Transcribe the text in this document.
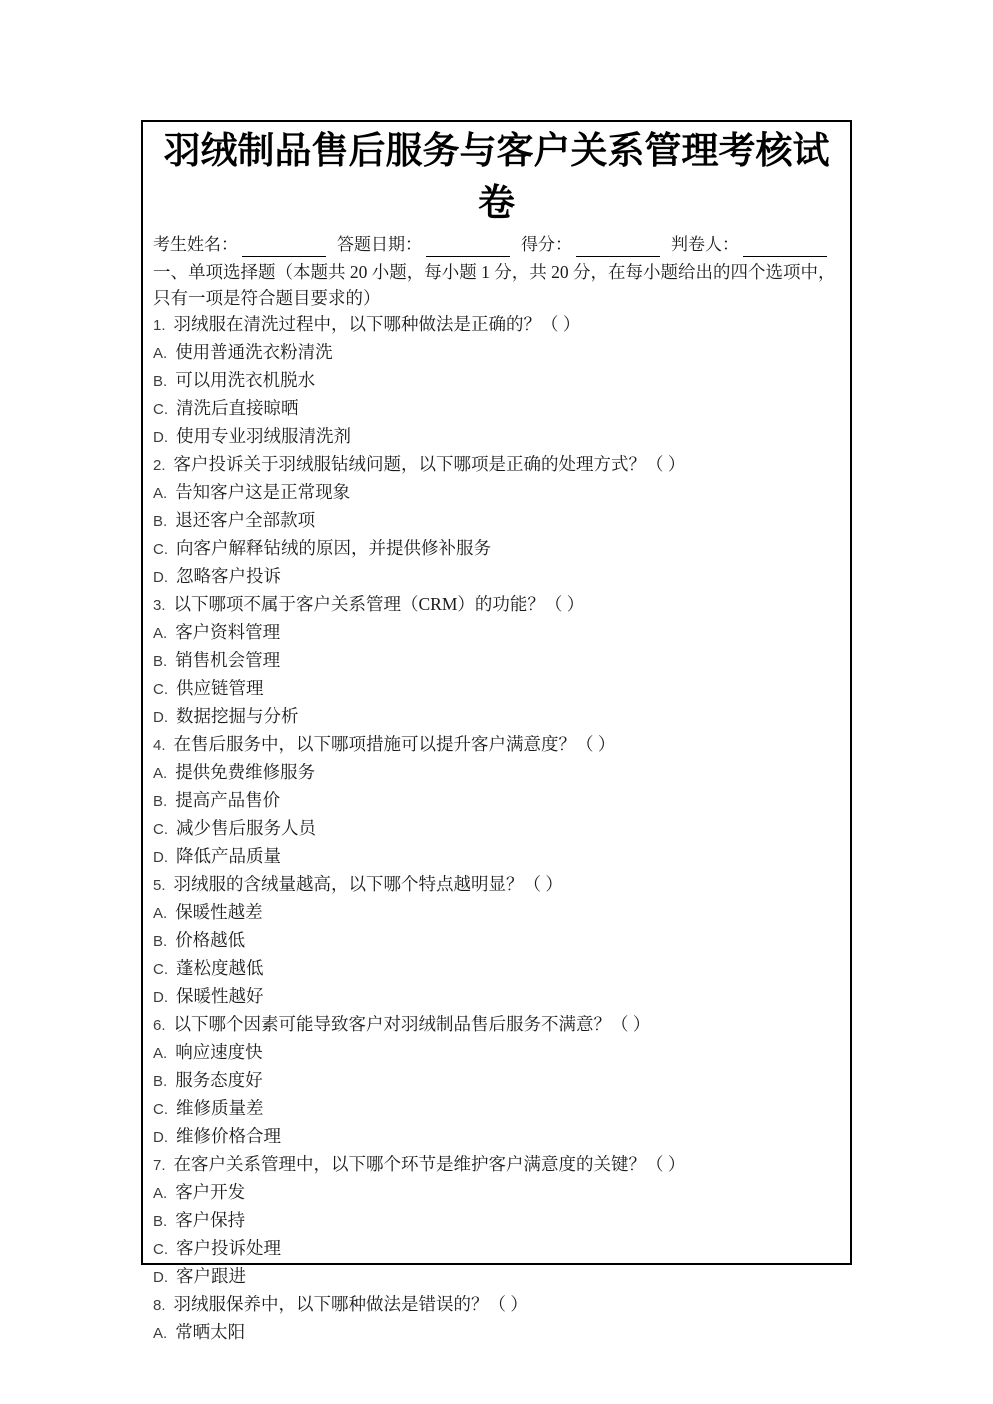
羽绒制品售后服务与客户关系管理考核试卷
考生姓名：	答题日期：	得分：	判卷人：
一、单项选择题（本题共 20 小题，每小题 1 分，共 20 分，在每小题给出的四个选项中，只有一项是符合题目要求的）
1. 羽绒服在清洗过程中，以下哪种做法是正确的？（ ）
A. 使用普通洗衣粉清洗
B. 可以用洗衣机脱水
C. 清洗后直接晾晒
D. 使用专业羽绒服清洗剂
2. 客户投诉关于羽绒服钻绒问题，以下哪项是正确的处理方式？（ ）
A. 告知客户这是正常现象
B. 退还客户全部款项
C. 向客户解释钻绒的原因，并提供修补服务
D. 忽略客户投诉
3. 以下哪项不属于客户关系管理（CRM）的功能？（ ）
A. 客户资料管理
B. 销售机会管理
C. 供应链管理
D. 数据挖掘与分析
4. 在售后服务中，以下哪项措施可以提升客户满意度？（ ）
A. 提供免费维修服务
B. 提高产品售价
C. 减少售后服务人员
D. 降低产品质量
5. 羽绒服的含绒量越高，以下哪个特点越明显？（ ）
A. 保暖性越差
B. 价格越低
C. 蓬松度越低
D. 保暖性越好
6. 以下哪个因素可能导致客户对羽绒制品售后服务不满意？（ ）
A. 响应速度快
B. 服务态度好
C. 维修质量差
D. 维修价格合理
7. 在客户关系管理中，以下哪个环节是维护客户满意度的关键？（ ）
A. 客户开发
B. 客户保持
C. 客户投诉处理
D. 客户跟进
8. 羽绒服保养中，以下哪种做法是错误的？（ ）
A. 常晒太阳
